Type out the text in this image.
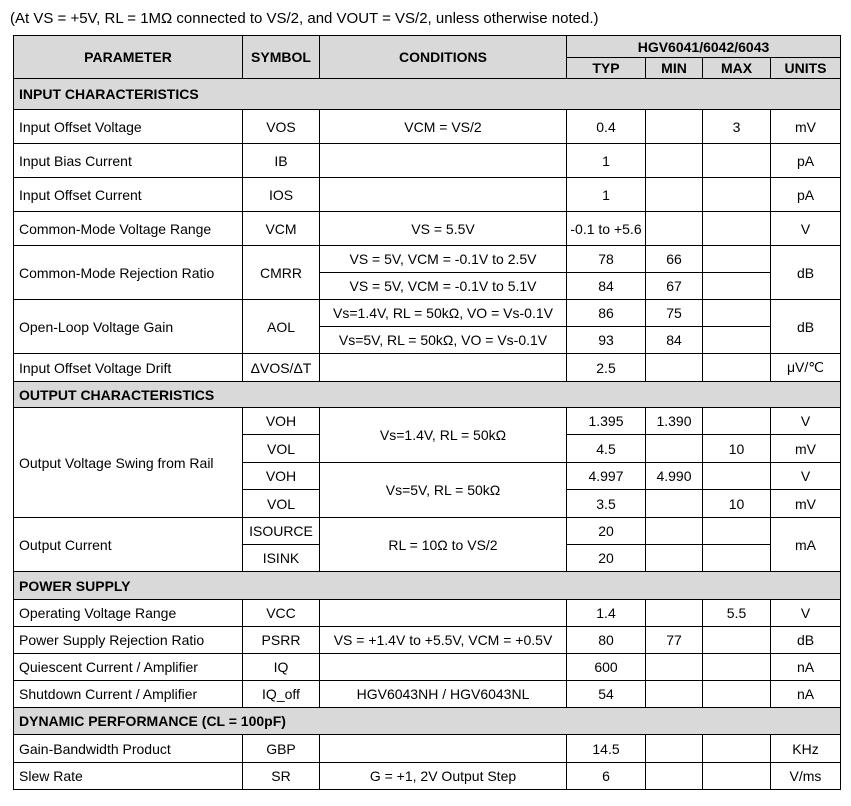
(At VS = +5V, RL = 1MΩ connected to VS/2, and VOUT = VS/2, unless otherwise noted.)
PARAMETER	SYMBOL	CONDITIONS	HGV6041/6042/6043			
			TYP	MIN	MAX	UNITS
INPUT CHARACTERISTICS						
Input Offset Voltage	VOS	VCM = VS/2	0.4		3	mV
Input Bias Current	IB		1			pA
Input Offset Current	IOS		1			pA
Common-Mode Voltage Range	VCM	VS = 5.5V	-0.1 to +5.6			V
Common-Mode Rejection Ratio	CMRR	VS = 5V, VCM = -0.1V to 2.5V	78	66		dB
		VS = 5V, VCM = -0.1V to 5.1V	84	67		
Open-Loop Voltage Gain	AOL	Vs=1.4V, RL = 50kΩ, VO = Vs-0.1V	86	75		dB
		Vs=5V, RL = 50kΩ, VO = Vs-0.1V	93	84		
Input Offset Voltage Drift	ΔVOS/ΔT		2.5			μV/℃
OUTPUT CHARACTERISTICS						
Output Voltage Swing from Rail	VOH	Vs=1.4V, RL = 50kΩ	1.395	1.390		V
	VOL		4.5		10	mV
	VOH	Vs=5V, RL = 50kΩ	4.997	4.990		V
	VOL		3.5		10	mV
Output Current	ISOURCE	RL = 10Ω to VS/2	20			mA
	ISINK		20			
POWER SUPPLY						
Operating Voltage Range	VCC		1.4		5.5	V
Power Supply Rejection Ratio	PSRR	VS = +1.4V to +5.5V, VCM = +0.5V	80	77		dB
Quiescent Current / Amplifier	IQ		600			nA
Shutdown Current / Amplifier	IQ_off	HGV6043NH / HGV6043NL	54			nA
DYNAMIC PERFORMANCE (CL = 100pF)						
Gain-Bandwidth Product	GBP		14.5			KHz
Slew Rate	SR	G = +1, 2V Output Step	6			V/ms
